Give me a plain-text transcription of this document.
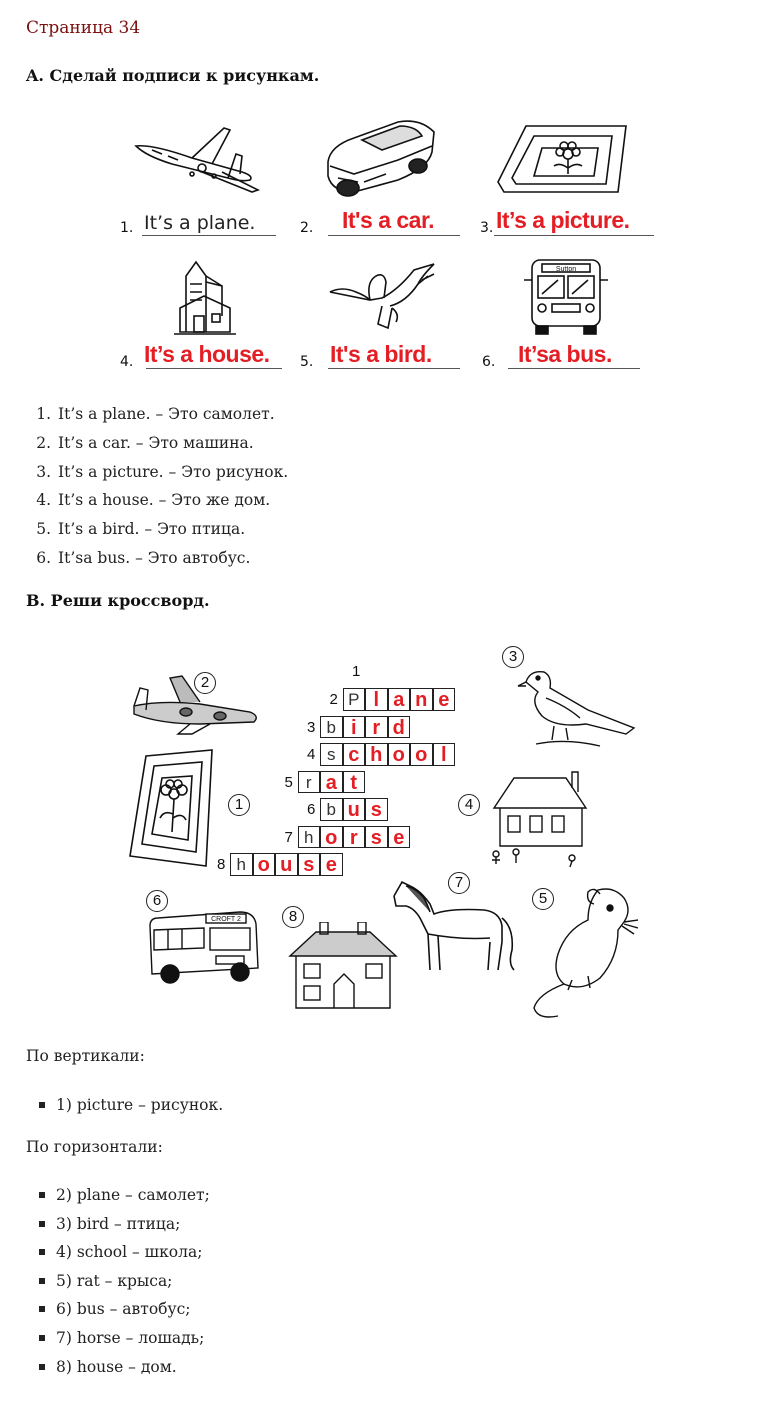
Страница 34
A. Сделай подписи к рисункам.
Sutton
1. It’s a plane.	2. It's a car.	3. It’s a picture.
4. It’s a house. 5. It's a bird.	6. It’sa bus.
1. It’s a plane. – Это самолет.
2. It’s a car. – Это машина.
3. It’s a picture. – Это рисунок.
4. It’s a house. – Это же дом.
5. It’s a bird. – Это птица.
6. It’sa bus. – Это автобус.
B. Реши кроссворд.
CROFT 2
2
3
1	4
6
8
7
5
1
2 P l a n e
3 b i r d
4 s c h o o l
5 r a t
6 b u s
7 h o r s e
8 h o u s e
По вертикали:
1) picture – рисунок.
По горизонтали:
2) plane – самолет;
3) bird – птица;
4) school – школа;
5) rat – крыса;
6) bus – автобус;
7) horse – лошадь;
8) house – дом.
